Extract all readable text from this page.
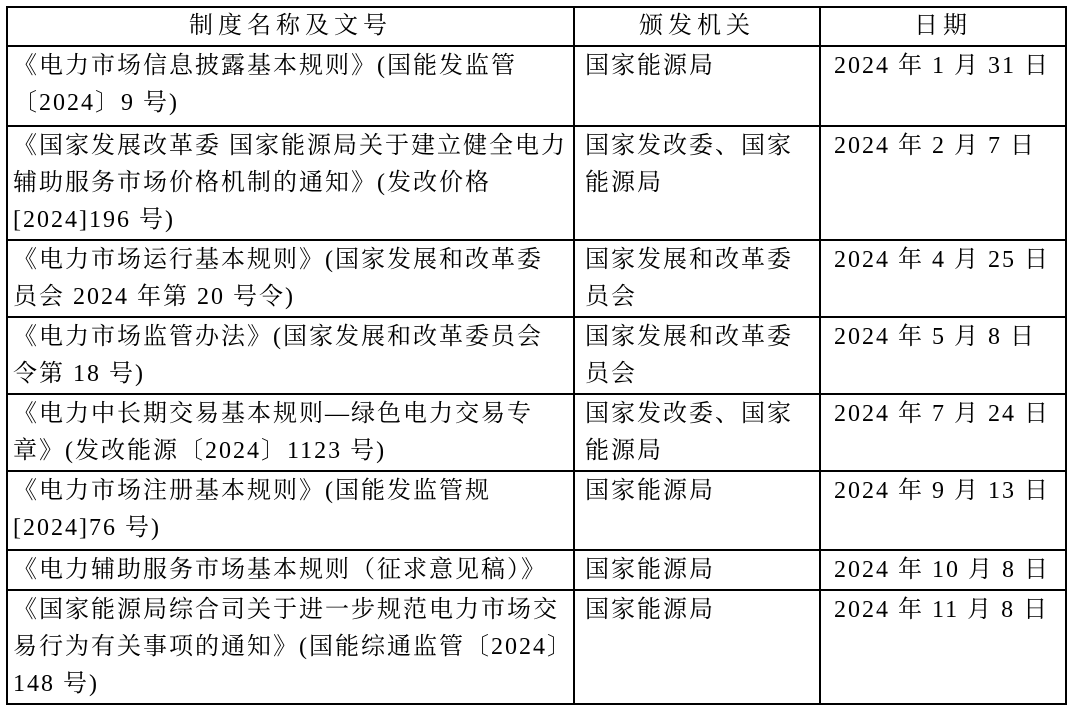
制度名称及文号	颁发机关	日期
《电力市场信息披露基本规则》(国能发监管〔2024〕9 号)	国家能源局	2024 年 1 月 31 日
《国家发展改革委 国家能源局关于建立健全电力辅助服务市场价格机制的通知》(发改价格[2024]196 号)	国家发改委、国家能源局	2024 年 2 月 7 日
《电力市场运行基本规则》(国家发展和改革委员会 2024 年第 20 号令)	国家发展和改革委员会	2024 年 4 月 25 日
《电力市场监管办法》(国家发展和改革委员会令第 18 号)	国家发展和改革委员会	2024 年 5 月 8 日
《电力中长期交易基本规则—绿色电力交易专章》(发改能源〔2024〕1123 号)	国家发改委、国家能源局	2024 年 7 月 24 日
《电力市场注册基本规则》(国能发监管规[2024]76 号)	国家能源局	2024 年 9 月 13 日
《电力辅助服务市场基本规则（征求意见稿）》	国家能源局	2024 年 10 月 8 日
《国家能源局综合司关于进一步规范电力市场交易行为有关事项的通知》(国能综通监管〔2024〕148 号)	国家能源局	2024 年 11 月 8 日
